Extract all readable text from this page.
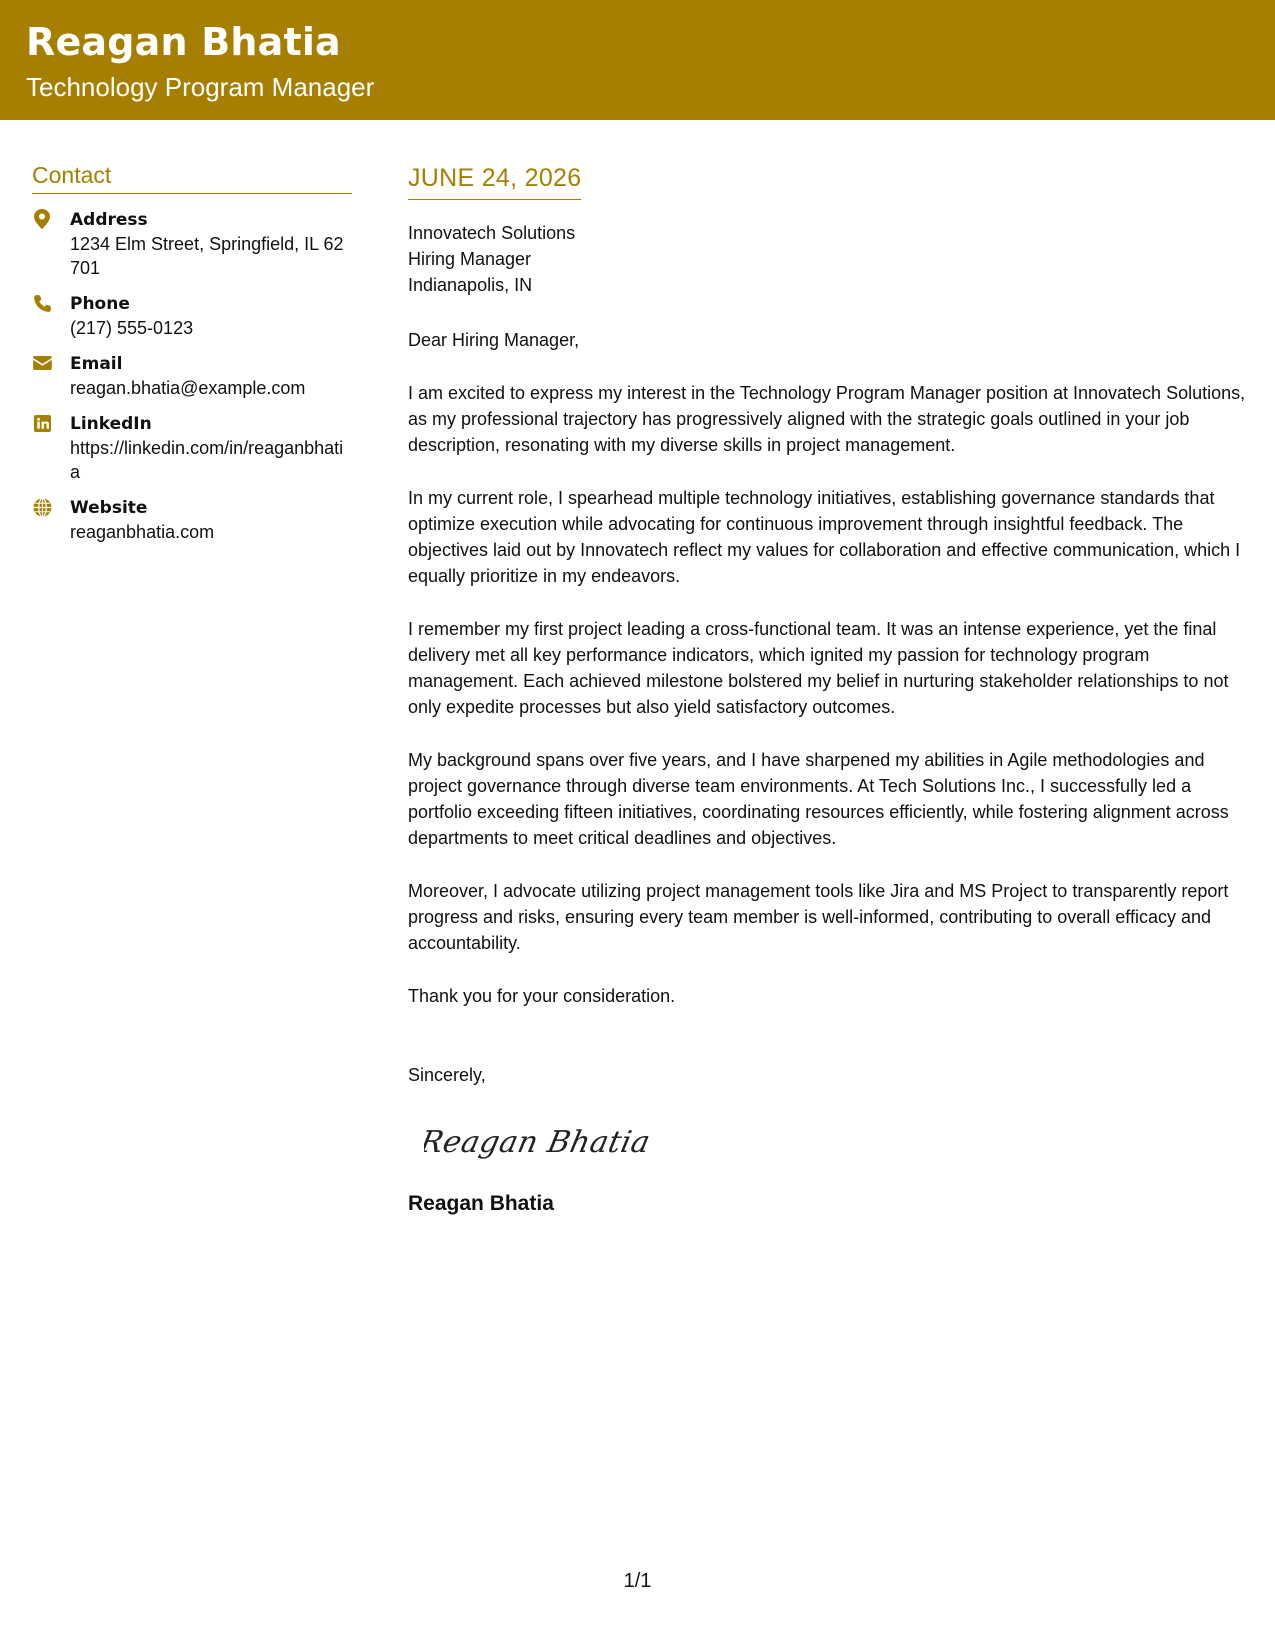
Reagan Bhatia
Technology Program Manager
Contact
Address
1234 Elm Street, Springfield, IL 62701
Phone
(217) 555-0123
Email
reagan.bhatia@example.com
LinkedIn
https://linkedin.com/in/reaganbhatia
Website
reaganbhatia.com
JUNE 24, 2026
Innovatech Solutions
Hiring Manager
Indianapolis, IN
Dear Hiring Manager,
I am excited to express my interest in the Technology Program Manager position at Innovatech Solutions, as my professional trajectory has progressively aligned with the strategic goals outlined in your job description, resonating with my diverse skills in project management.
In my current role, I spearhead multiple technology initiatives, establishing governance standards that optimize execution while advocating for continuous improvement through insightful feedback. The objectives laid out by Innovatech reflect my values for collaboration and effective communication, which I equally prioritize in my endeavors.
I remember my first project leading a cross-functional team. It was an intense experience, yet the final delivery met all key performance indicators, which ignited my passion for technology program management. Each achieved milestone bolstered my belief in nurturing stakeholder relationships to not only expedite processes but also yield satisfactory outcomes.
My background spans over five years, and I have sharpened my abilities in Agile methodologies and project governance through diverse team environments. At Tech Solutions Inc., I successfully led a portfolio exceeding fifteen initiatives, coordinating resources efficiently, while fostering alignment across departments to meet critical deadlines and objectives.
Moreover, I advocate utilizing project management tools like Jira and MS Project to transparently report progress and risks, ensuring every team member is well-informed, contributing to overall efficacy and accountability.
Thank you for your consideration.
Sincerely,
Reagan Bhatia
Reagan Bhatia
1/1
